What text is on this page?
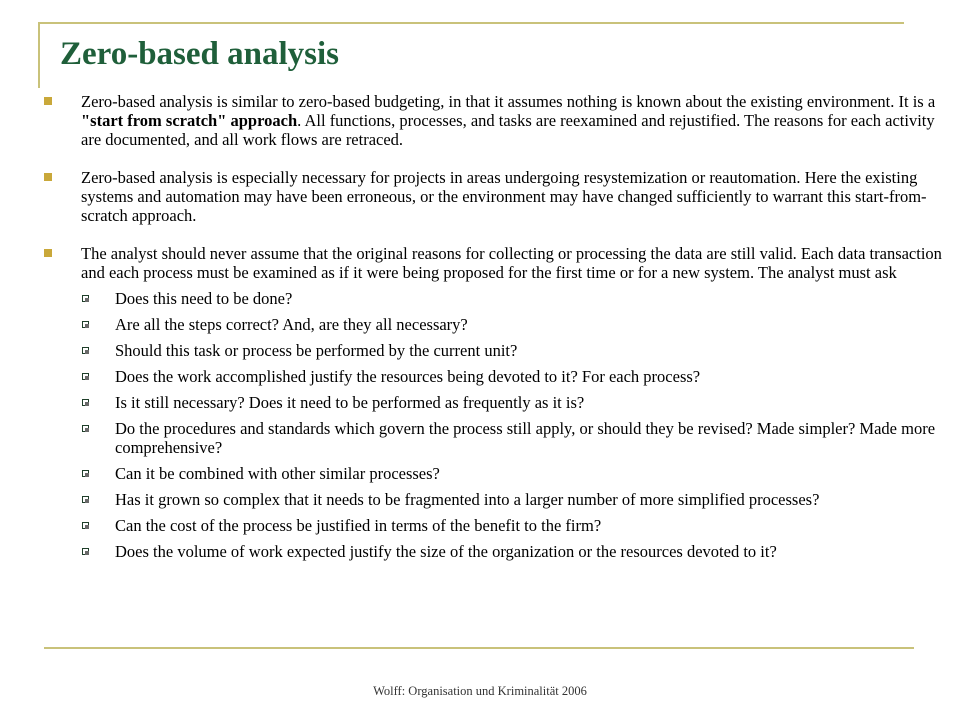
Zero-based analysis
Zero-based analysis is similar to zero-based budgeting, in that it assumes nothing is known about the existing environment. It is a "start from scratch" approach. All functions, processes, and tasks are reexamined and rejustified. The reasons for each activity are documented, and all work flows are retraced.
Zero-based analysis is especially necessary for projects in areas undergoing resystemization or reautomation. Here the existing systems and automation may have been erroneous, or the environment may have changed sufficiently to warrant this start-from-scratch approach.
The analyst should never assume that the original reasons for collecting or processing the data are still valid. Each data transaction and each process must be examined as if it were being proposed for the first time or for a new system. The analyst must ask
Does this need to be done?
Are all the steps correct? And, are they all necessary?
Should this task or process be performed by the current unit?
Does the work accomplished justify the resources being devoted to it? For each process?
Is it still necessary? Does it need to be performed as frequently as it is?
Do the procedures and standards which govern the process still apply, or should they be revised? Made simpler? Made more comprehensive?
Can it be combined with other similar processes?
Has it grown so complex that it needs to be fragmented into a larger number of more simplified processes?
Can the cost of the process be justified in terms of the benefit to the firm?
Does the volume of work expected justify the size of the organization or the resources devoted to it?
Wolff: Organisation und Kriminalität 2006
